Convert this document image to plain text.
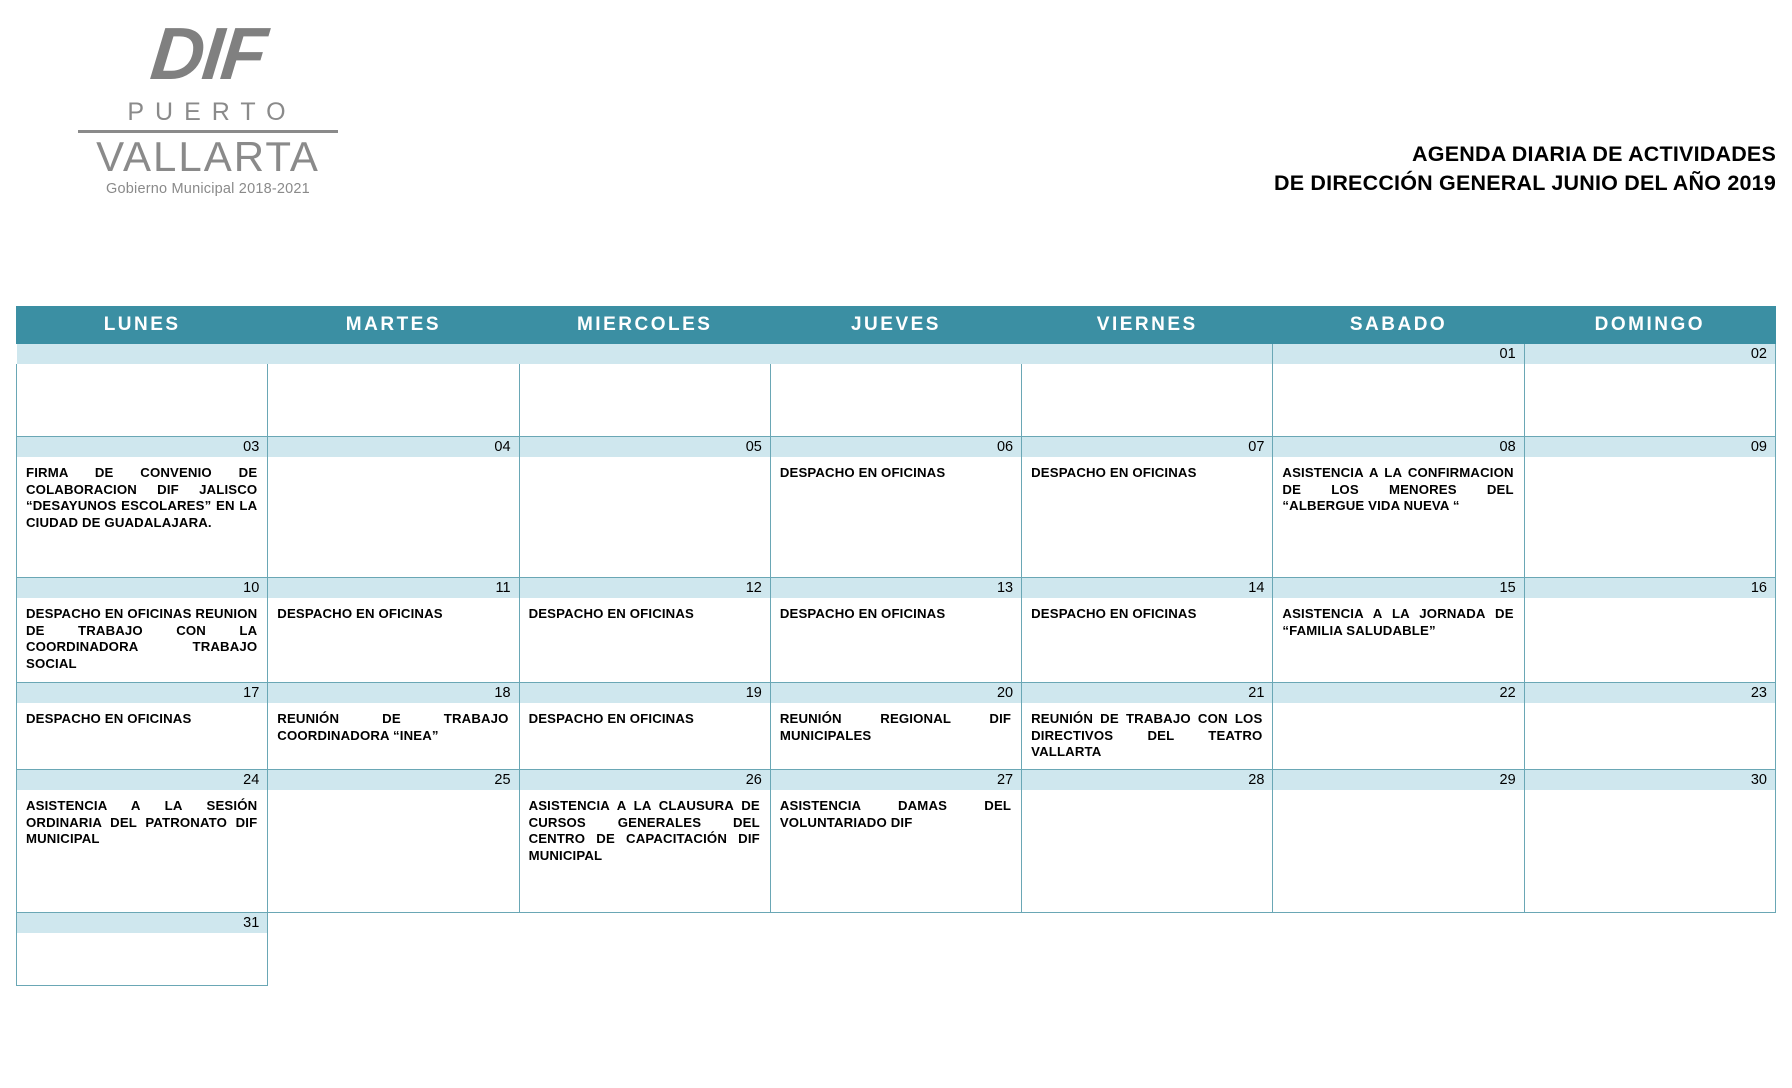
DIF
PUERTO
VALLARTA
Gobierno Municipal 2018-2021
AGENDA DIARIA DE ACTIVIDADES
DE DIRECCIÓN GENERAL JUNIO DEL AÑO 2019
LUNES	MARTES	MIERCOLES	JUEVES	VIERNES	SABADO	DOMINGO
					01	02

03	04	05	06	07	08	09
FIRMA DE CONVENIO DE COLABORACION DIF JALISCO “DESAYUNOS ESCOLARES” EN LA CIUDAD DE GUADALAJARA.			DESPACHO EN OFICINAS	DESPACHO EN OFICINAS	ASISTENCIA A LA CONFIRMACION DE LOS MENORES DEL “ALBERGUE VIDA NUEVA “	
10	11	12	13	14	15	16
DESPACHO EN OFICINAS REUNION DE TRABAJO CON LA COORDINADORA TRABAJO SOCIAL	DESPACHO EN OFICINAS	DESPACHO EN OFICINAS	DESPACHO EN OFICINAS	DESPACHO EN OFICINAS	ASISTENCIA A LA JORNADA DE “FAMILIA SALUDABLE”	
17	18	19	20	21	22	23
DESPACHO EN OFICINAS	REUNIÓN DE TRABAJO COORDINADORA “INEA”	DESPACHO EN OFICINAS	REUNIÓN REGIONAL DIF MUNICIPALES	REUNIÓN DE TRABAJO CON LOS DIRECTIVOS DEL TEATRO VALLARTA		
24	25	26	27	28	29	30
ASISTENCIA A LA SESIÓN ORDINARIA DEL PATRONATO DIF MUNICIPAL		ASISTENCIA A LA CLAUSURA DE CURSOS GENERALES DEL CENTRO DE CAPACITACIÓN DIF MUNICIPAL	ASISTENCIA DAMAS DEL VOLUNTARIADO DIF			
31						
